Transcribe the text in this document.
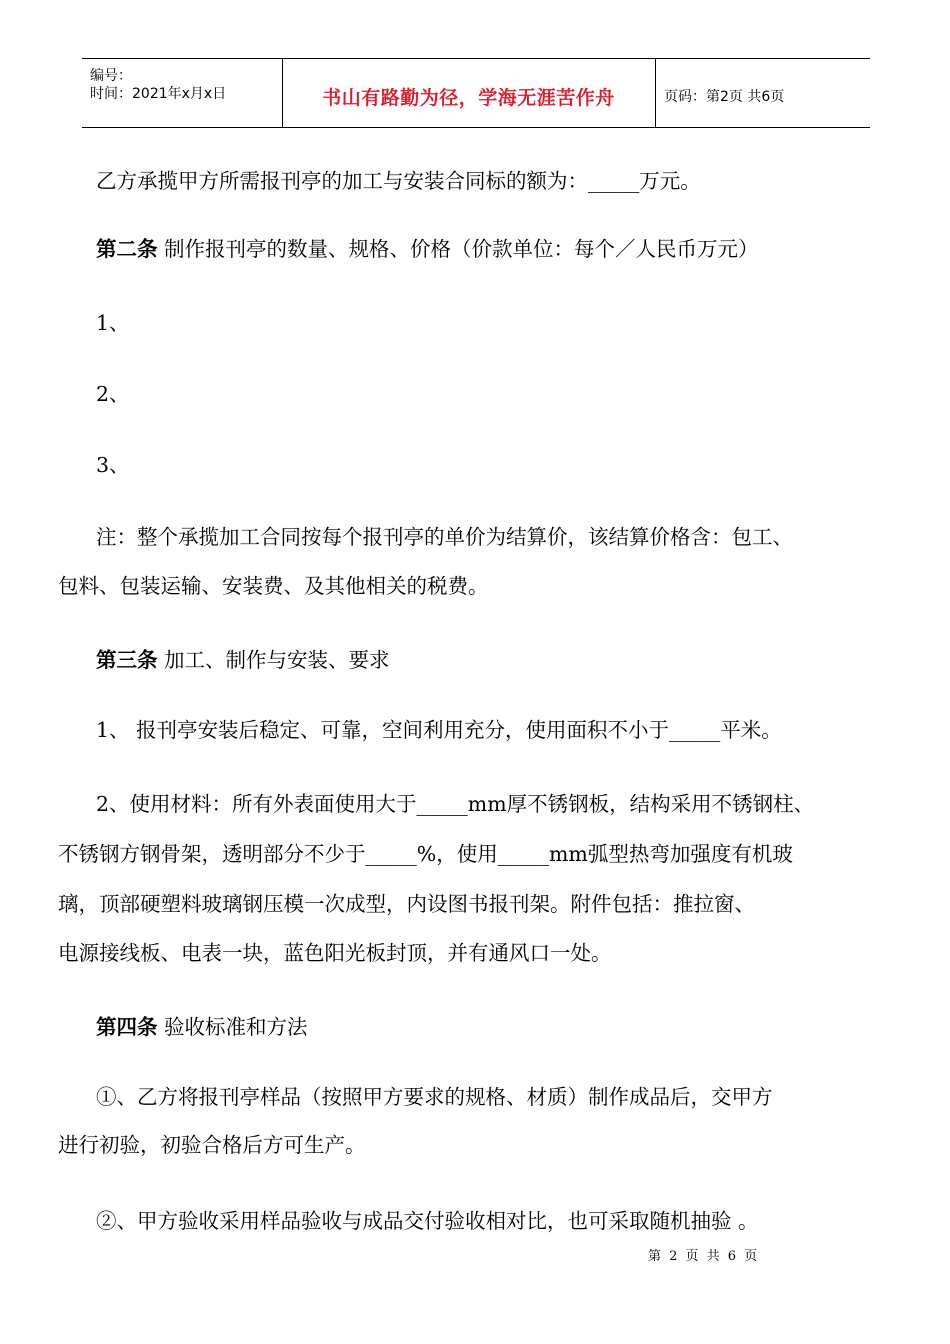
编号：
时间：2021年x月x日	书山有路勤为径，学海无涯苦作舟	页码：第2页 共6页
乙方承揽甲方所需报刊亭的加工与安装合同标的额为：_____万元。
第二条 制作报刊亭的数量、规格、价格（价款单位：每个／人民币万元）
1、
2、
3、
注：整个承揽加工合同按每个报刊亭的单价为结算价，该结算价格含：包工、
包料、包装运输、安装费、及其他相关的税费。
第三条 加工、制作与安装、要求
1、 报刊亭安装后稳定、可靠，空间利用充分，使用面积不小于_____平米。
2、使用材料：所有外表面使用大于_____mm厚不锈钢板，结构采用不锈钢柱、
不锈钢方钢骨架，透明部分不少于_____%，使用_____mm弧型热弯加强度有机玻
璃，顶部硬塑料玻璃钢压模一次成型，内设图书报刊架。附件包括：推拉窗、
电源接线板、电表一块，蓝色阳光板封顶，并有通风口一处。
第四条 验收标准和方法
①、乙方将报刊亭样品（按照甲方要求的规格、材质）制作成品后，交甲方
进行初验，初验合格后方可生产。
②、甲方验收采用样品验收与成品交付验收相对比，也可采取随机抽验 。
第 2 页 共 6 页
